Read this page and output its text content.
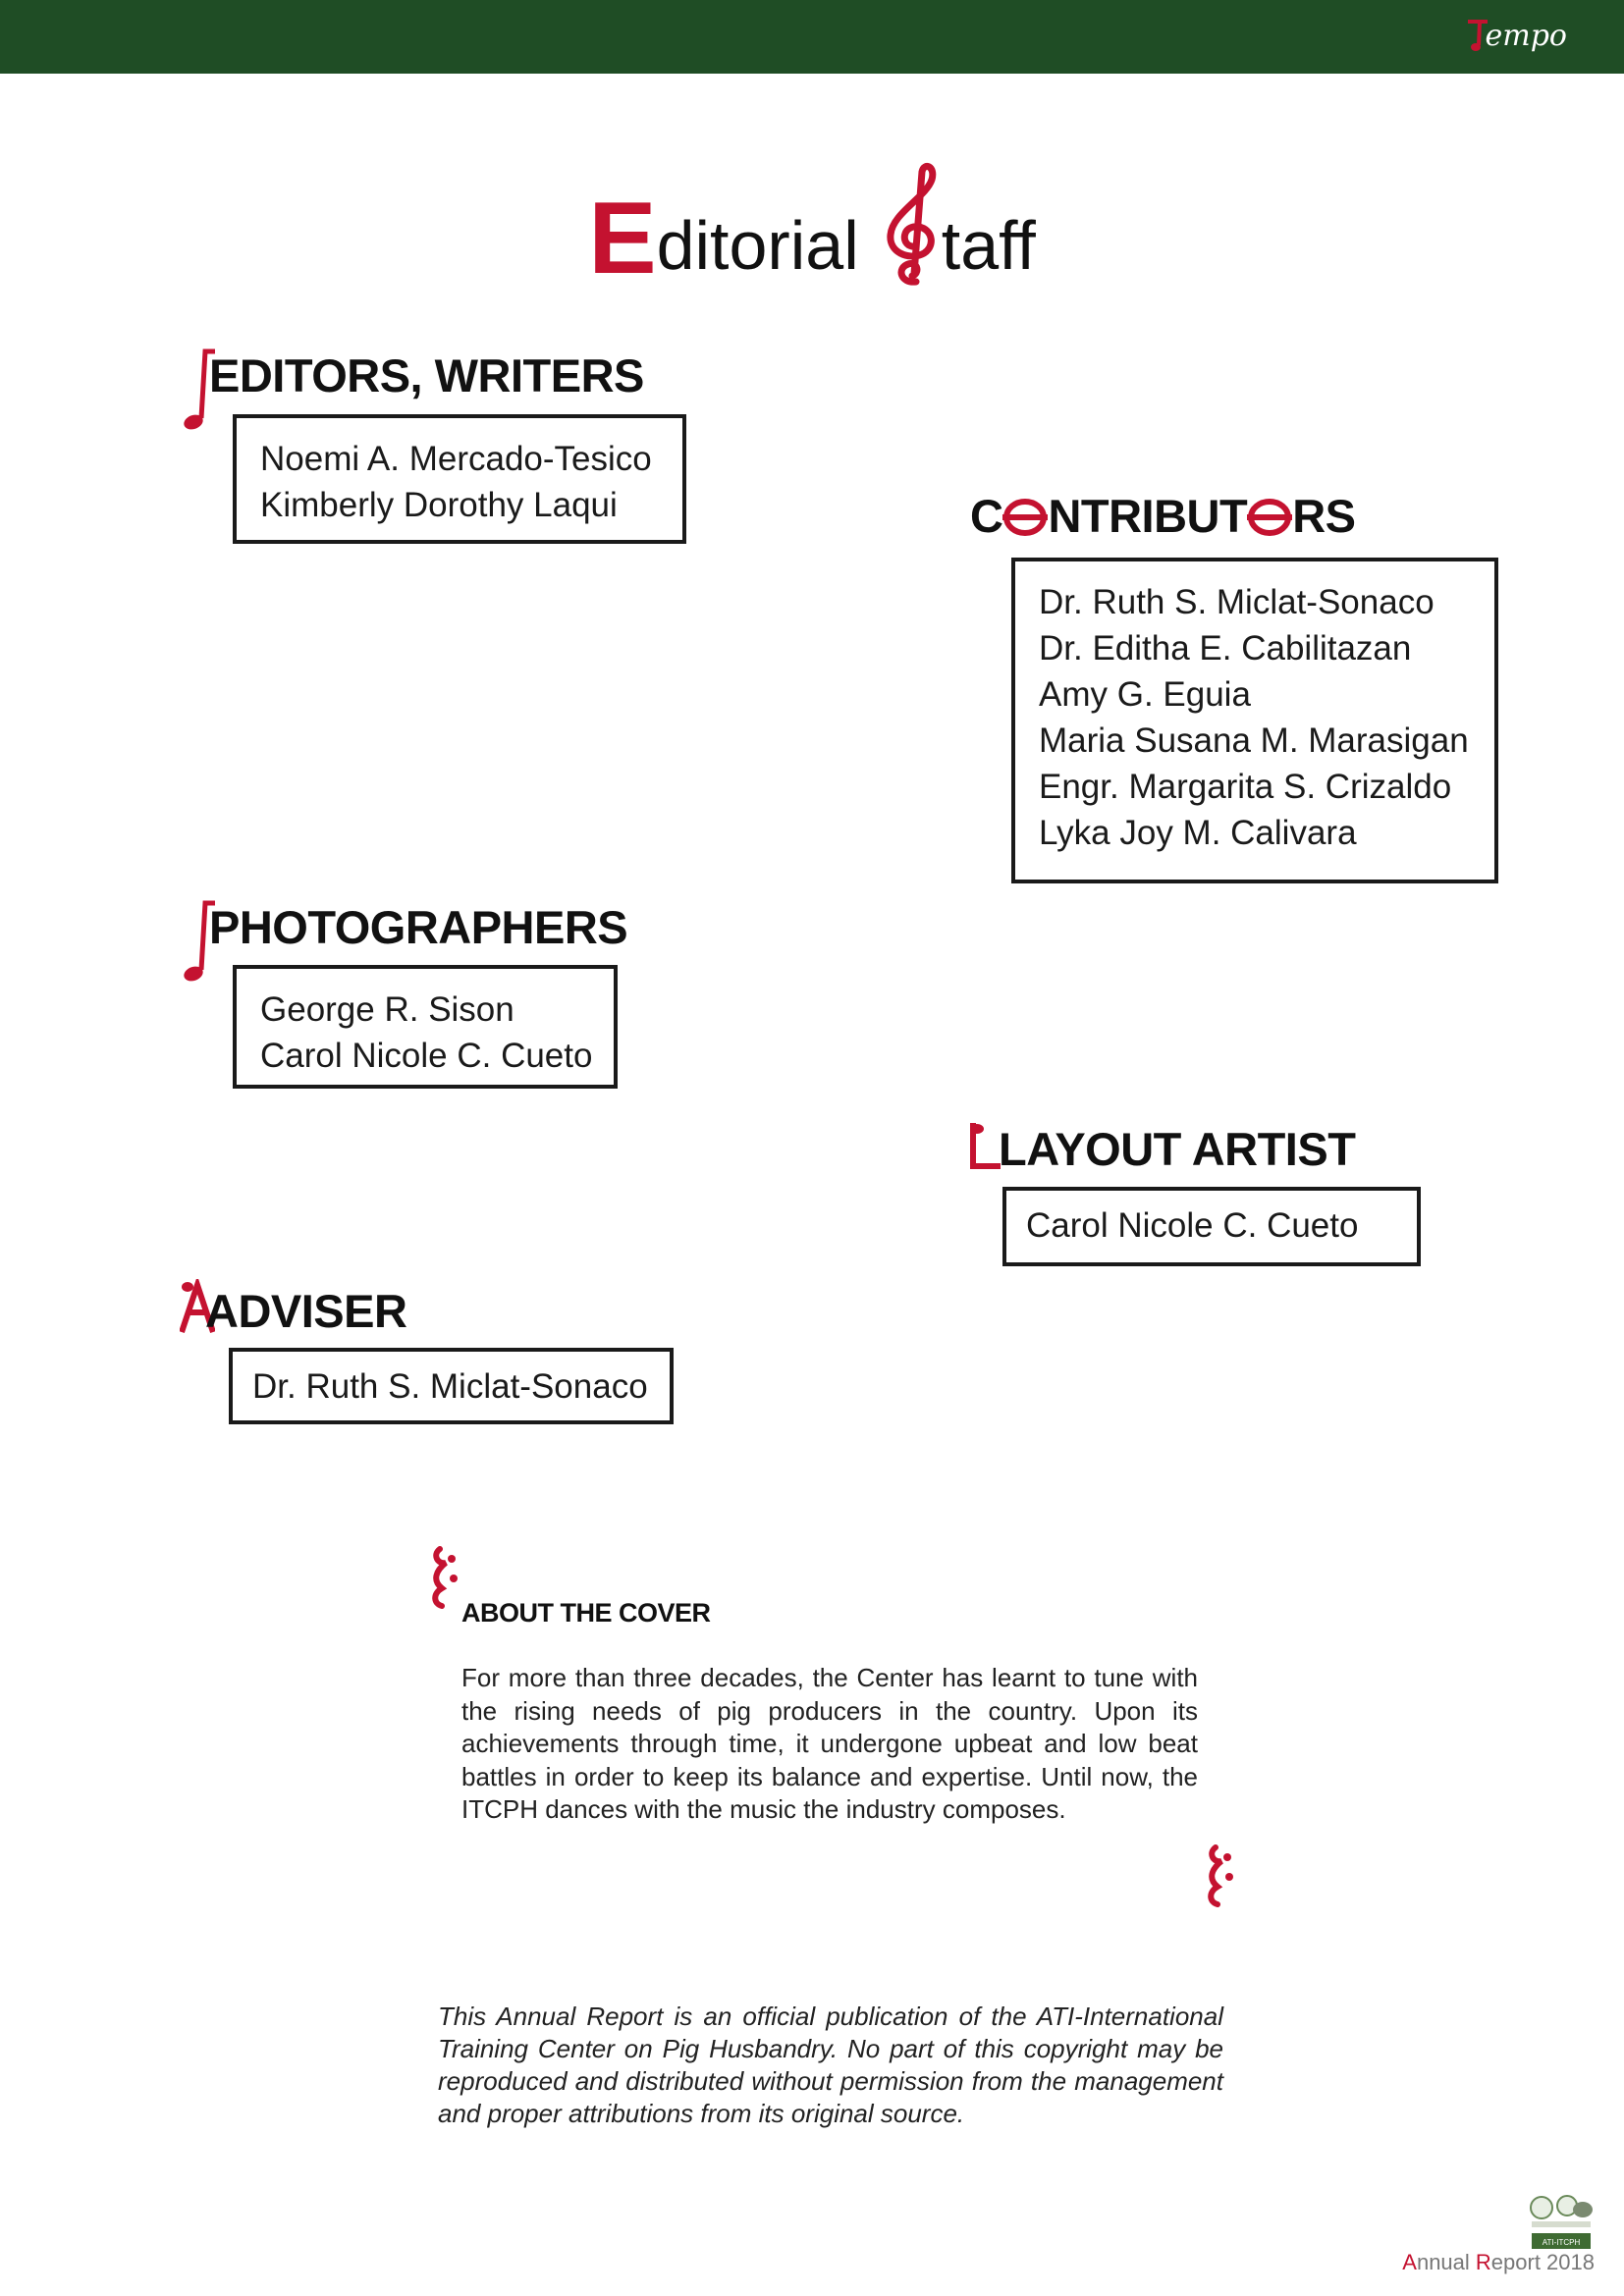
empo
E ditorial taff
EDITORS, WRITERS
Noemi A. Mercado-Tesico
Kimberly Dorothy Laqui	C NTRIBUT RS
Dr. Ruth S. Miclat-Sonaco
Dr. Editha E. Cabilitazan
Amy G. Eguia
Maria Susana M. Marasigan
Engr. Margarita S. Crizaldo
Lyka Joy M. Calivara
PHOTOGRAPHERS
George R. Sison
Carol Nicole C. Cueto
LAYOUT ARTIST
Carol Nicole C. Cueto
ADVISER
Dr. Ruth S. Miclat-Sonaco
ABOUT THE COVER
For more than three decades, the Center has learnt to tune with the rising needs of pig producers in the country. Upon its achievements through time, it undergone upbeat and low beat battles in order to keep its balance and expertise. Until now, the ITCPH dances with the music the industry composes.
This Annual Report is an official publication of the ATI-International Training Center on Pig Husbandry. No part of this copyright may be reproduced and distributed without permission from the management and proper attributions from its original source.
ATI-ITCPH
Annual Report 2018
